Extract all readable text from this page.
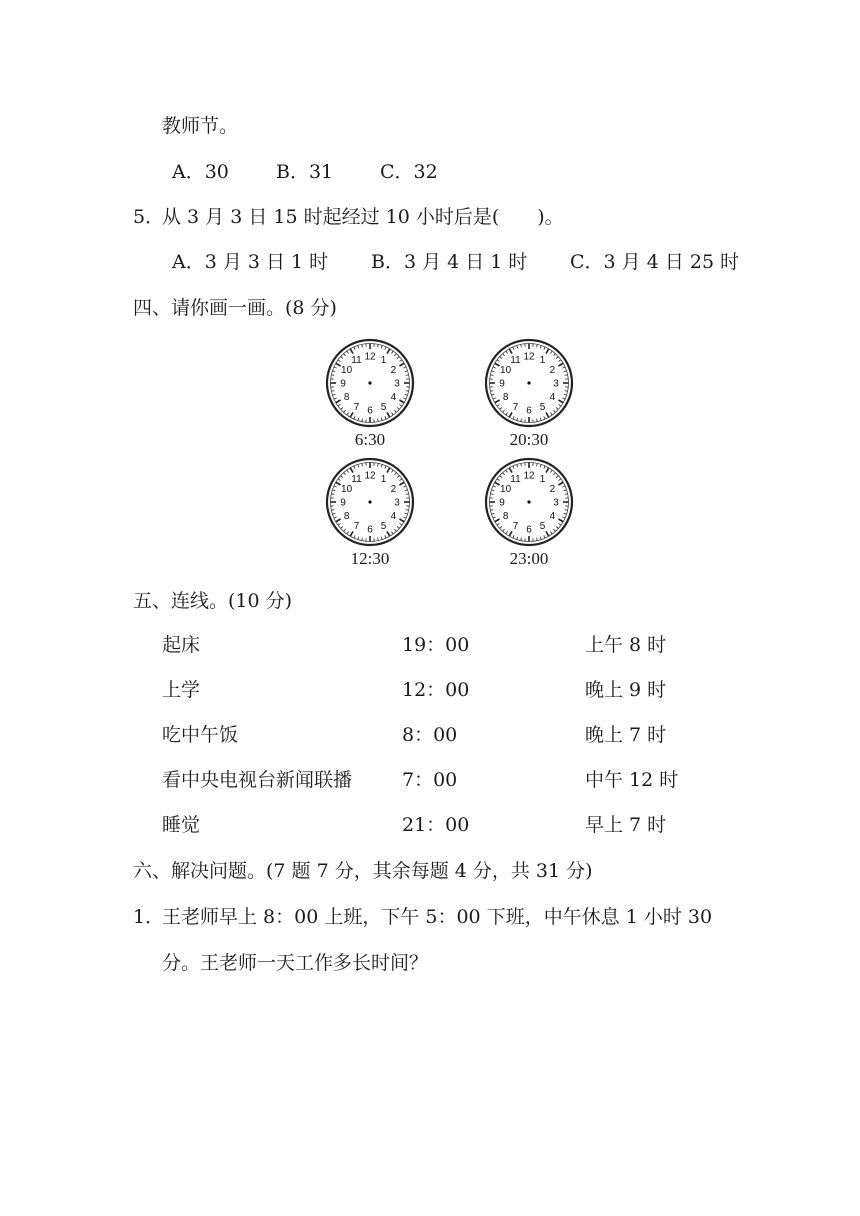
教师节。
A．30 B．31 C．32
5．
从 3 月 3 日 15 时起经过 10 小时后是(　　)。
A．3 月 3 日 1 时 B．3 月 4 日 1 时 C．3 月 4 日 25 时
四、请你画一画。(8 分)
12 1
2
3
4
5
6
7
8
9
10
11
6:30
12 1
2
3
4
5
6
7
8
9
10
11
20:30
12 1
2
3
4
5
6
7
8
9
10
11
12:30
12 1
2
3
4
5
6
7
8
9
10
11
23:00
五、连线。(10 分)
起床	19：00	上午 8 时
上学	12：00	晚上 9 时
吃中午饭	8：00	晚上 7 时
看中央电视台新闻联播	7：00	中午 12 时
睡觉	21：00	早上 7 时
六、解决问题。(7 题 7 分，其余每题 4 分，共 31 分)
1．
王老师早上 8：00 上班，下午 5：00 下班，中午休息 1 小时 30
分。王老师一天工作多长时间？
